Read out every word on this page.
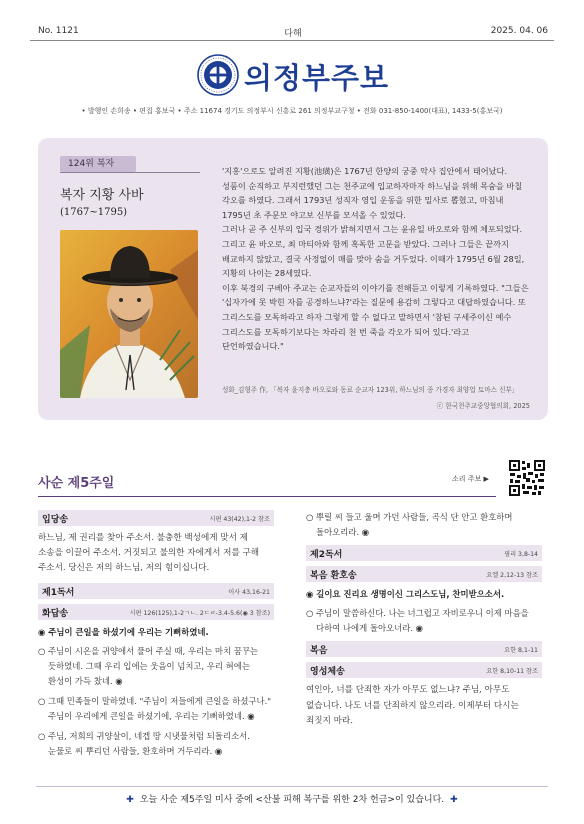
No. 1121	다해	2025. 04. 06
의정부주보
• 발행인 손희송 • 편집 홍보국 • 주소 11674 경기도 의정부시 신흥로 261 의정부교구청 • 전화 031-850-1400(대표), 1433-5(홍보국)
124위 복자
복자 지황 사바
(1767~1795)

'지홍'으로도 알려진 지황(池璜)은 1767년 한양의 궁중 악사 집안에서 태어났다. 성품이 순직하고 부지런했던 그는 천주교에 입교하자마자 하느님을 위해 목숨을 바칠 각오를 하였다. 그래서 1793년 성직자 영입 운동을 위한 밀사로 뽑혔고, 마침내 1795년 초 주문모 야고보 신부를 모셔올 수 있었다.

그러나 곧 주 신부의 입국 경위가 밝혀지면서 그는 윤유일 바오로와 함께 체포되었다. 그리고 윤 바오로, 최 마티아와 함께 혹독한 고문을 받았다. 그러나 그들은 끝까지 배교하지 않았고, 결국 사정없이 매를 맞아 숨을 거두었다. 이때가 1795년 6월 28일, 지황의 나이는 28세였다.

이후 북경의 구베아 주교는 순교자들의 이야기를 전해듣고 이렇게 기록하였다. "그들은 '십자가에 못 박힌 자를 공경하느냐?'라는 질문에 용감히 그렇다고 대답하였습니다. 또 그리스도를 모독하라고 하자 그렇게 할 수 없다고 말하면서 '참된 구세주이신 예수 그리스도를 모독하기보다는 차라리 천 번 죽을 각오가 되어 있다.'라고 단언하였습니다."

성화_김형주 作, 「복자 윤지충 바오로와 동료 순교자 123위, 하느님의 종 가경자 최양업 토마스 신부」
ⓒ 한국천주교중앙협의회, 2025
사순 제5주일	소리 주보 ▶
입당송	시편 43(42),1-2 참조
하느님, 제 권리를 찾아 주소서. 불충한 백성에게 맞서 제 소송을 이끌어 주소서. 거짓되고 불의한 자에게서 저를 구해 주소서. 당신은 저의 하느님, 저의 힘이십니다.
제1독서	이사 43,16-21
화답송	시편 126(125),1-2ㄱㄴ. 2ㄷㄹ-3.4-5.6(◉ 3 참조)
◉ 주님이 큰일을 하셨기에 우리는 기뻐하였네.
○ 주님이 시온을 귀양에서 풀어 주실 때, 우리는 마치 꿈꾸는 듯하였네. 그때 우리 입에는 웃음이 넘치고, 우리 혀에는 환성이 가득 찼네. ◉
○ 그때 민족들이 말하였네. "주님이 저들에게 큰일을 하셨구나." 주님이 우리에게 큰일을 하셨기에, 우리는 기뻐하였네. ◉
○ 주님, 저희의 귀양살이, 네겝 땅 시냇물처럼 되돌리소서. 눈물로 씨 뿌리던 사람들, 환호하며 거두리라. ◉
○ 뿌릴 씨 들고 울며 가던 사람들, 곡식 단 안고 환호하며 돌아오리라. ◉
제2독서	필리 3,8-14
복음 환호송	요엘 2,12-13 참조
◉ 길이요 진리요 생명이신 그리스도님, 찬미받으소서.
○ 주님이 말씀하신다. 나는 너그럽고 자비로우니 이제 마음을 다하여 나에게 돌아오너라. ◉
복음	요한 8,1-11
영성체송	요한 8,10-11 참조
여인아, 너를 단죄한 자가 아무도 없느냐? 주님, 아무도 없습니다. 나도 너를 단죄하지 않으리라. 이제부터 다시는 죄짓지 마라.
✚ 오늘 사순 제5주일 미사 중에 <산불 피해 복구를 위한 2차 헌금>이 있습니다. ✚
